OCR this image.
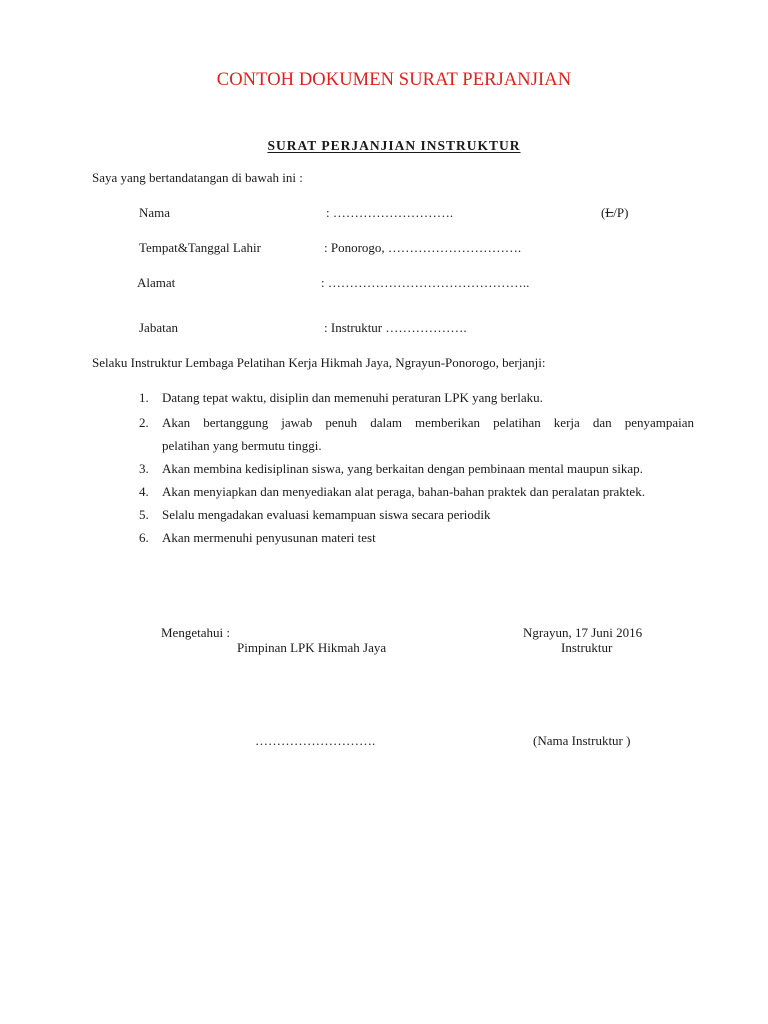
CONTOH DOKUMEN SURAT PERJANJIAN
SURAT PERJANJIAN INSTRUKTUR
Saya yang bertandatangan di bawah ini :
Nama	: ……………………….	(L/P)
Tempat&Tanggal Lahir	: Ponorogo, ………………………….
Alamat	: ………………………………………..
Jabatan	: Instruktur ……………….
Selaku Instruktur Lembaga Pelatihan Kerja Hikmah Jaya, Ngrayun-Ponorogo, berjanji:
1.	Datang tepat waktu, disiplin dan memenuhi peraturan LPK yang berlaku.
2.	Akan bertanggung jawab penuh dalam memberikan pelatihan kerja dan penyampaian
pelatihan yang bermutu tinggi.
3.	Akan membina kedisiplinan siswa, yang berkaitan dengan pembinaan mental maupun sikap.
4.	Akan menyiapkan dan menyediakan alat peraga, bahan-bahan praktek dan peralatan praktek.
5.	Selalu mengadakan evaluasi kemampuan siswa secara periodik
6.	Akan mermenuhi penyusunan materi test
Mengetahui :
Pimpinan LPK Hikmah Jaya
Ngrayun, 17 Juni 2016
Instruktur
……………………….	(Nama Instruktur )
